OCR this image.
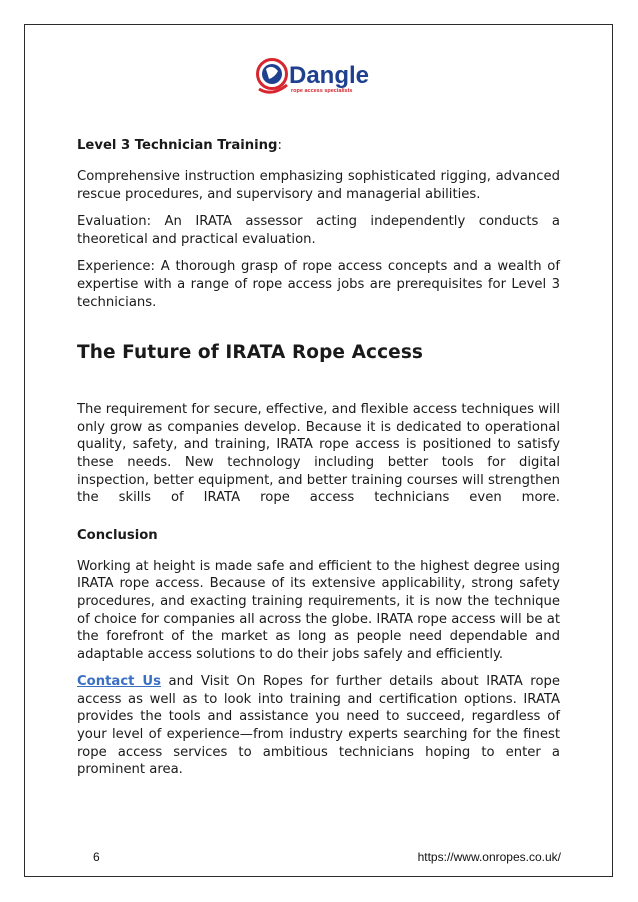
Dangle
rope access specialists

Level 3 Technician Training:

Comprehensive instruction emphasizing sophisticated rigging, advanced rescue procedures, and supervisory and managerial abilities.

Evaluation: An IRATA assessor acting independently conducts a theoretical and practical evaluation.

Experience: A thorough grasp of rope access concepts and a wealth of expertise with a range of rope access jobs are prerequisites for Level 3 technicians.

The Future of IRATA Rope Access

The requirement for secure, effective, and flexible access techniques will only grow as companies develop. Because it is dedicated to operational quality, safety, and training, IRATA rope access is positioned to satisfy these needs. New technology including better tools for digital inspection, better equipment, and better training courses will strengthen the skills of IRATA rope access technicians even more.

Conclusion

Working at height is made safe and efficient to the highest degree using IRATA rope access. Because of its extensive applicability, strong safety procedures, and exacting training requirements, it is now the technique of choice for companies all across the globe. IRATA rope access will be at the forefront of the market as long as people need dependable and adaptable access solutions to do their jobs safely and efficiently.

Contact Us and Visit On Ropes for further details about IRATA rope access as well as to look into training and certification options. IRATA provides the tools and assistance you need to succeed, regardless of your level of experience—from industry experts searching for the finest rope access services to ambitious technicians hoping to enter a prominent area.

6	https://www.onropes.co.uk/
